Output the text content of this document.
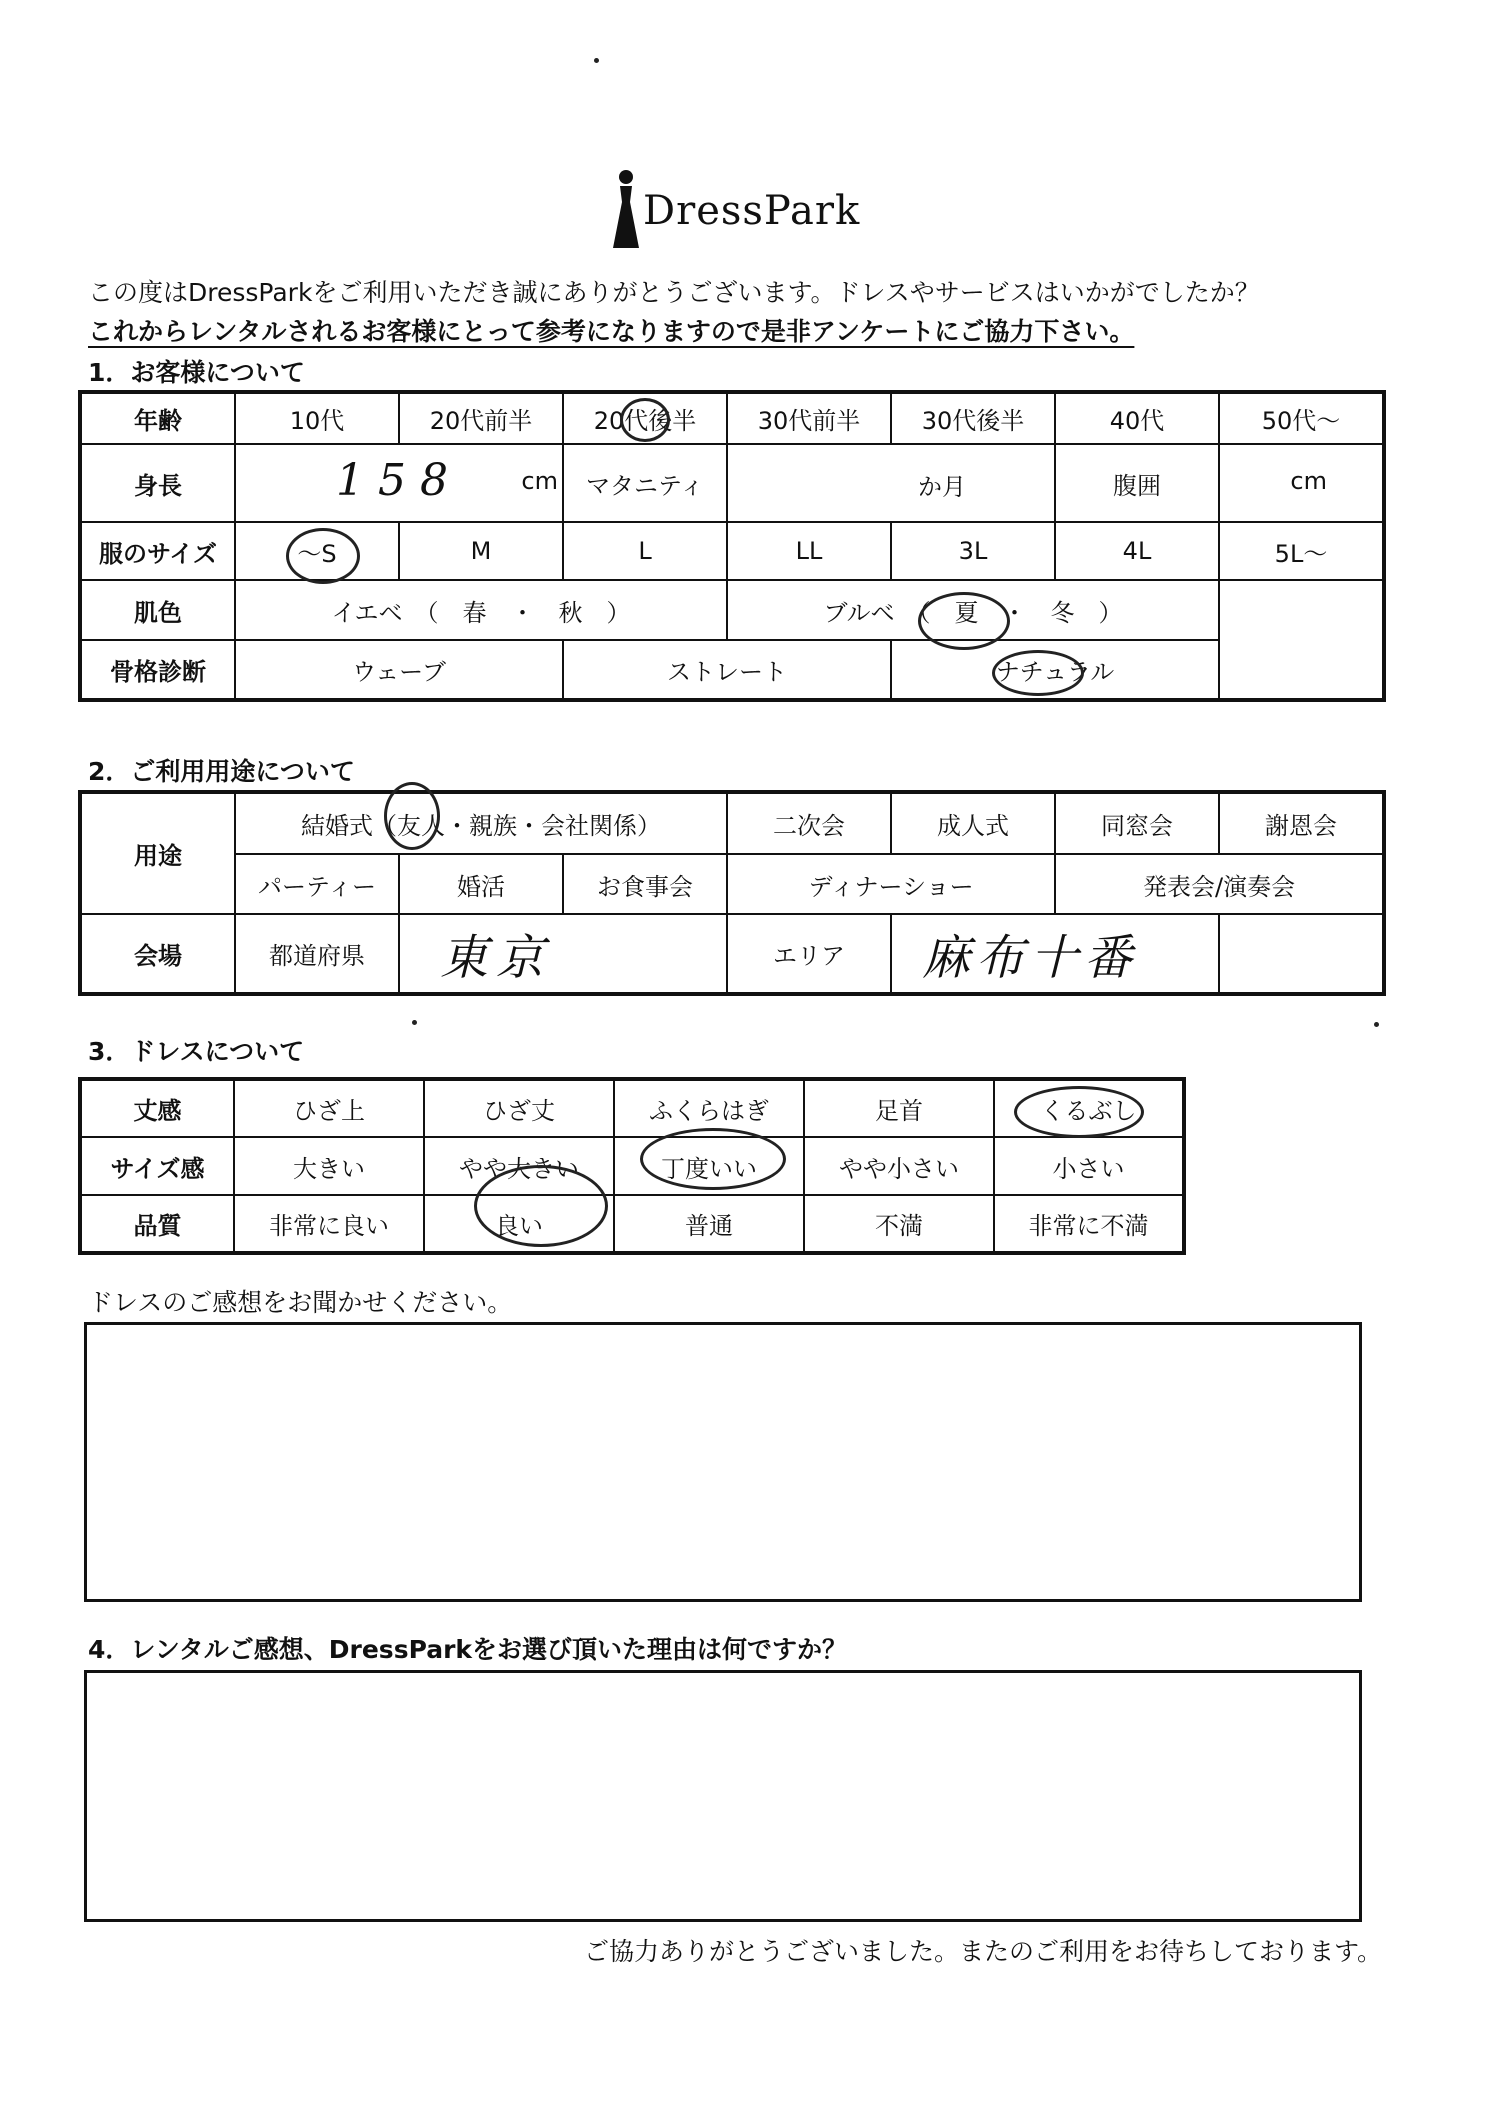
DressPark
この度はDressParkをご利用いただき誠にありがとうございます。ドレスやサービスはいかがでしたか？
これからレンタルされるお客様にとって参考になりますので是非アンケートにご協力下さい。
1．お客様について
年齢	10代	20代前半	20代後半	30代前半	30代後半	40代	50代～
身長	158 cm		マタニティ	か月		腹囲	cm

服のサイズ	～S	M	L	LL	3L	4L	5L～
肌色	イエベ　（　春　・　秋　）			ブルベ　（　夏　・　冬　）			
骨格診断	ウェーブ		ストレート		ナチュラル		
2．ご利用用途について
用途	結婚式（友人・親族・会社関係）			二次会	成人式	同窓会	謝恩会
	パーティー	婚活	お食事会	ディナーショー		発表会/演奏会	
会場	都道府県	東京		エリア	麻布十番		
3．ドレスについて
丈感	ひざ上	ひざ丈	ふくらはぎ	足首	くるぶし
サイズ感	大きい	やや大きい	丁度いい	やや小さい	小さい
品質	非常に良い	良い	普通	不満	非常に不満
ドレスのご感想をお聞かせください。
4．レンタルご感想、DressParkをお選び頂いた理由は何ですか？
ご協力ありがとうございました。またのご利用をお待ちしております。
